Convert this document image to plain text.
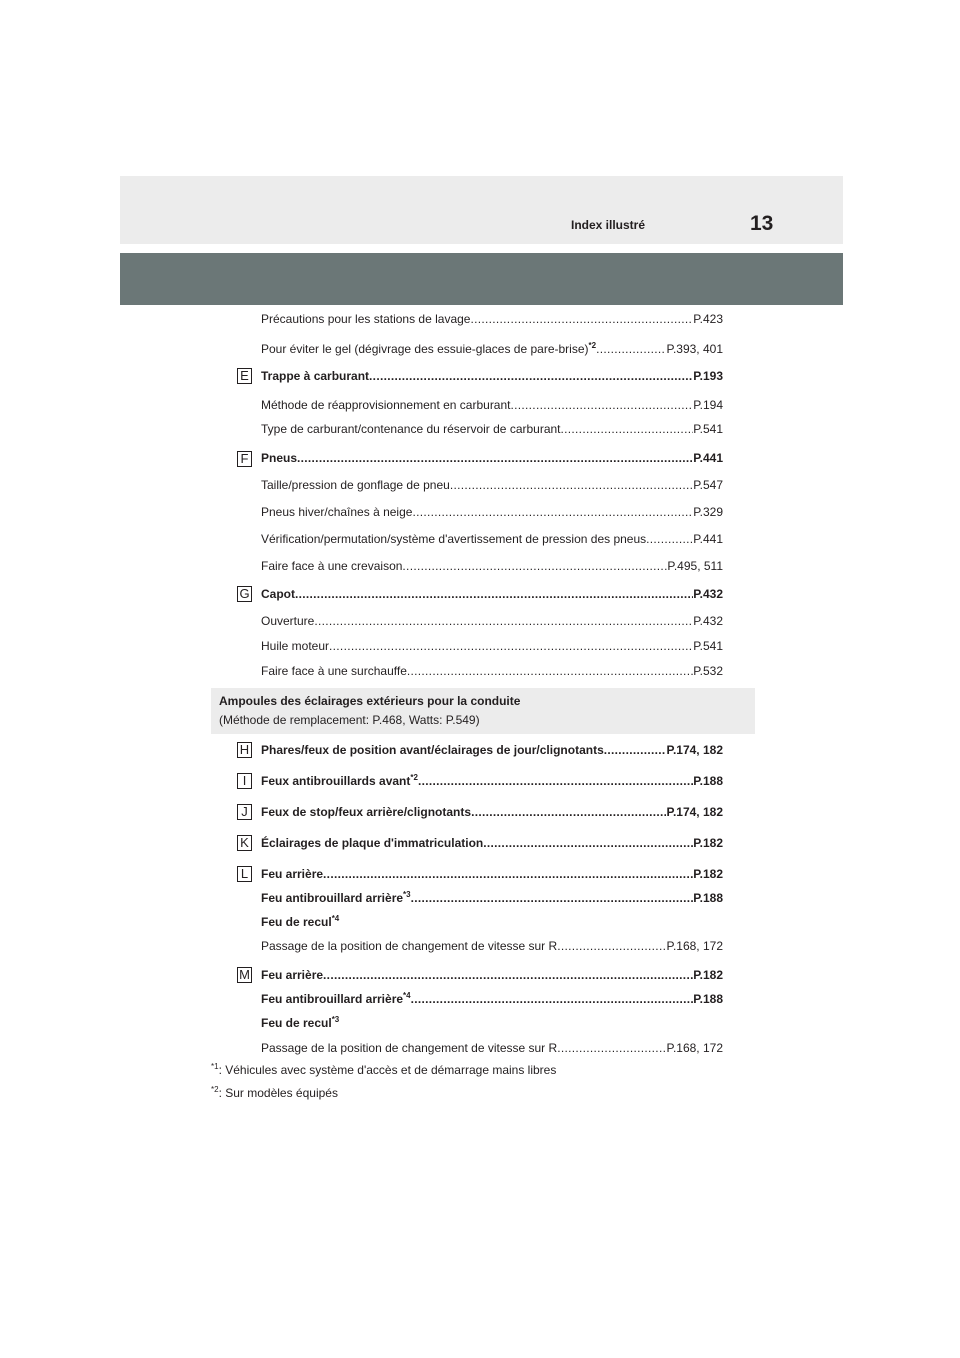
Index illustré	13
Précautions pour les stations de lavage .....	P.423
Pour éviter le gel (dégivrage des essuie-glaces de pare-brise)$^{*2}$ .....	P.393, 401
E Trappe à carburant .....	P.193
Méthode de réapprovisionnement en carburant .....	P.194
Type de carburant/contenance du réservoir de carburant .....	P.541
F Pneus .....	P.441
Taille/pression de gonflage de pneu .....	P.547
Pneus hiver/chaînes à neige .....	P.329
Vérification/permutation/système d'avertissement de pression des pneus .....	P.441
Faire face à une crevaison .....	P.495, 511
G Capot .....	P.432
Ouverture .....	P.432
Huile moteur .....	P.541
Faire face à une surchauffe .....	P.532
Ampoules des éclairages extérieurs pour la conduite
(Méthode de remplacement: P.468, Watts: P.549)
H Phares/feux de position avant/éclairages de jour/clignotants .....	P.174, 182
I	Feux antibrouillards avant$^{*2}$ .....	P.188
J	Feux de stop/feux arrière/clignotants .....	P.174, 182
K Éclairages de plaque d'immatriculation .....	P.182
L	Feu arrière .....	P.182
Feu antibrouillard arrière$^{*3}$ .....	P.188
Feu de recul$^{*4}$
Passage de la position de changement de vitesse sur R .....	P.168, 172
M Feu arrière .....	P.182
Feu antibrouillard arrière$^{*4}$ .....	P.188
Feu de recul$^{*3}$
Passage de la position de changement de vitesse sur R .....	P.168, 172
$^{*1}$: Véhicules avec système d'accès et de démarrage mains libres
$^{*2}$: Sur modèles équipés
